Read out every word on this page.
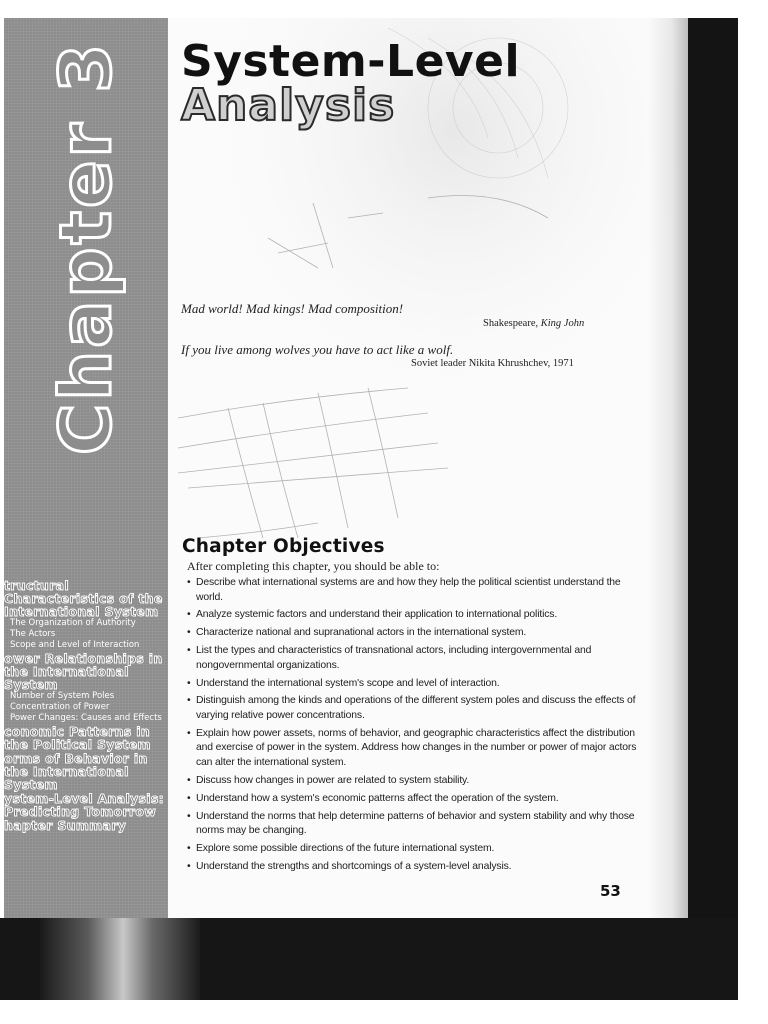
Chapter 3
tructural Characteristics of the International System
The Organization of Authority
The Actors
Scope and Level of Interaction
ower Relationships in the International System
Number of System Poles
Concentration of Power
Power Changes: Causes and Effects
conomic Patterns in the Political System
orms of Behavior in the International System
ystem-Level Analysis: Predicting Tomorrow
hapter Summary
System-Level
Analysis
Mad world! Mad kings! Mad composition!
Shakespeare, King John
If you live among wolves you have to act like a wolf.
Soviet leader Nikita Khrushchev, 1971
Chapter Objectives
After completing this chapter, you should be able to:
• Describe what international systems are and how they help the political scientist understand the world.
• Analyze systemic factors and understand their application to international politics.
• Characterize national and supranational actors in the international system.
• List the types and characteristics of transnational actors, including intergovernmental and nongovernmental organizations.
• Understand the international system's scope and level of interaction.
• Distinguish among the kinds and operations of the different system poles and discuss the effects of varying relative power concentrations.
• Explain how power assets, norms of behavior, and geographic characteristics affect the distribution and exercise of power in the system. Address how changes in the number or power of major actors can alter the international system.
• Discuss how changes in power are related to system stability.
• Understand how a system's economic patterns affect the operation of the system.
• Understand the norms that help determine patterns of behavior and system stability and why those norms may be changing.
• Explore some possible directions of the future international system.
• Understand the strengths and shortcomings of a system-level analysis.
53
